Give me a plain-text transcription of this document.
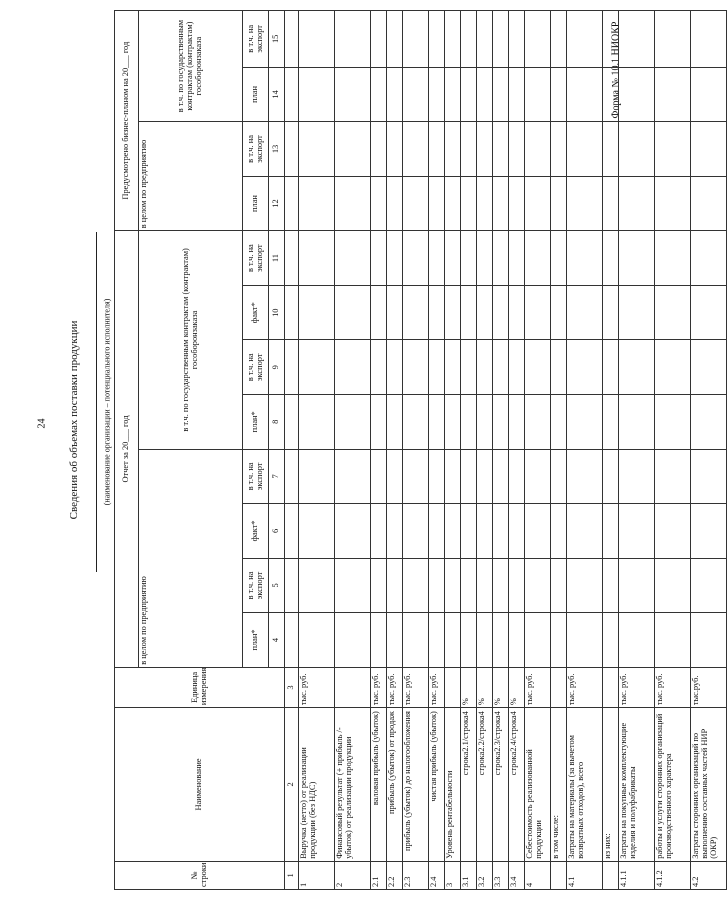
24	Сведения об объемах поставки продукции	(наименование организации – потенциального исполнителя)
Форма № 10.1 НИОКР
№ строки	Наименование	Единица измерения	Отчет за 20___ год								Предусмотрено бизнес-планом на 20___ год			
			в целом по предприятию				в т.ч. по государственным контрактам (контрактам) гособоронзаказа				в целом по предприятию		в т.ч. по государственным контрактам (контрактам) гособоронзаказа	
			план*	в т.ч. на экспорт	факт*	в т.ч. на экспорт	план*	в т.ч. на экспорт	факт*	в т.ч. на экспорт	план	в т.ч. на экспорт	план	в т.ч. на экспорт
			4	5	6	7	8	9	10	11	12	13	14	15
1	2	3												
1	Выручка (нетто) от реализации продукции (без НДС)	тыс. руб.												
2	Финансовый результат (+ прибыль /- убыток) от реализации продукции													
2.1	валовая прибыль (убыток)	тыс. руб.												
2.2	прибыль (убыток) от продаж	тыс. руб.												
2.3	прибыль (убыток) до налогообложения	тыс. руб.												
2.4	чистая прибыль (убыток)	тыс. руб.												
3	Уровень рентабельности													
3.1	строка2.1/строка4	%												
3.2	строка2.2/строка4	%												
3.3	строка2.3/строка4	%												
3.4	строка2.4/строка4	%												
4	Себестоимость реализованной продукции	тыс. руб.												
	в том числе:													
4.1	Затраты на материалы (за вычетом возвратных отходов), всего	тыс. руб.												
	из них:													
4.1.1	Затраты на покупные комплектующие изделия и полуфабрикаты	тыс. руб.												
4.1.2	работы и услуги сторонних организаций производственного характера	тыс. руб.												
4.2	Затраты сторонних организаций по выполнению составных частей НИР (ОКР)	тыс.руб.												
